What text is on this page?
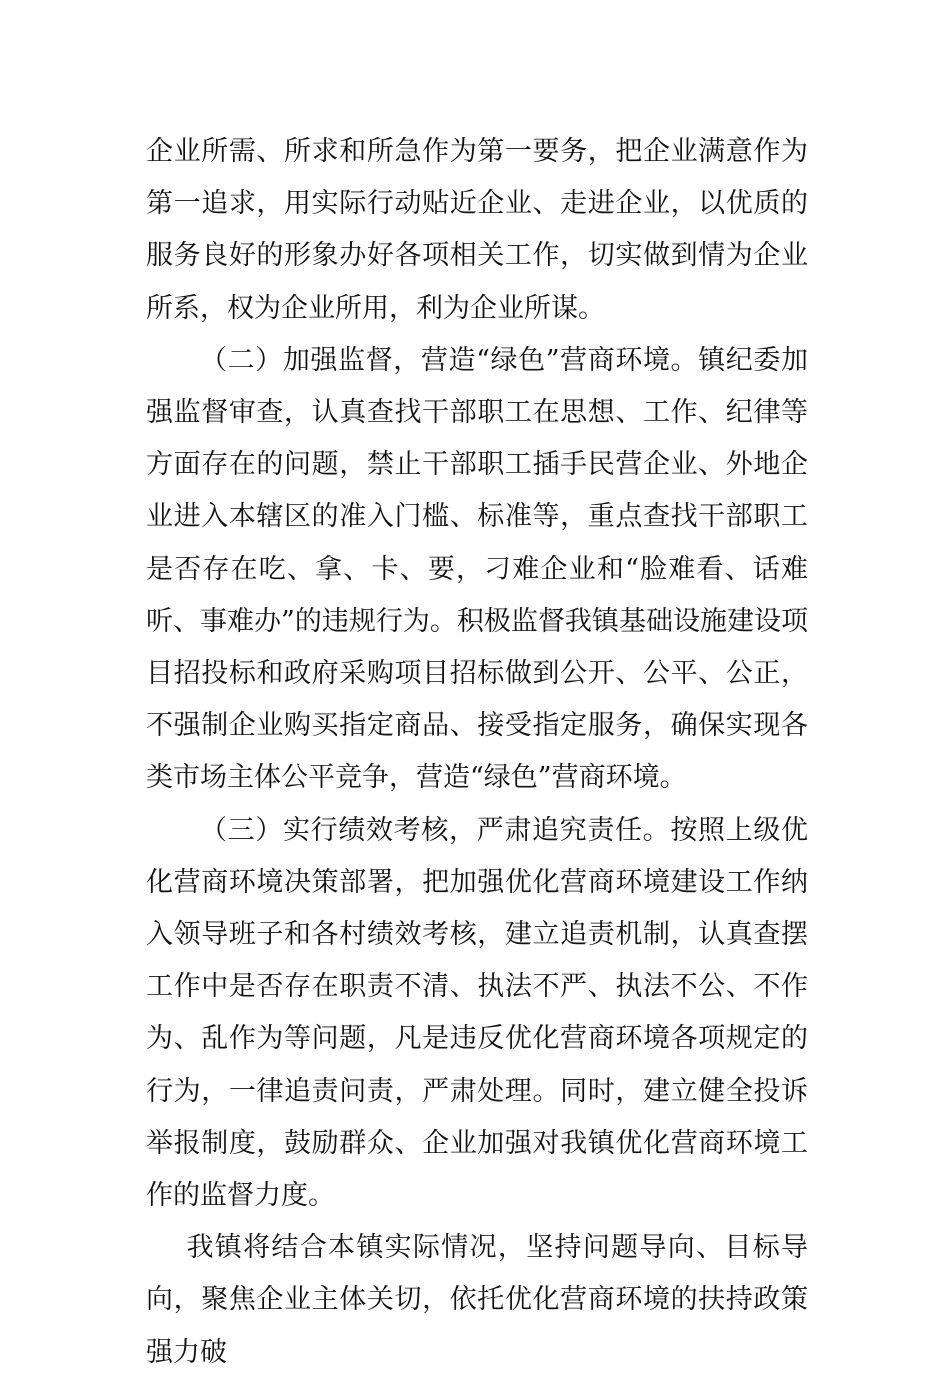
企业所需、所求和所急作为第一要务，把企业满意作为第一追求，用实际行动贴近企业、走进企业，以优质的服务良好的形象办好各项相关工作，切实做到情为企业所系，权为企业所用，利为企业所谋。

（二）加强监督，营造“绿色”营商环境。镇纪委加强监督审查，认真查找干部职工在思想、工作、纪律等方面存在的问题，禁止干部职工插手民营企业、外地企业进入本辖区的准入门槛、标准等，重点查找干部职工是否存在吃、拿、卡、要，刁难企业和“脸难看、话难听、事难办”的违规行为。积极监督我镇基础设施建设项目招投标和政府采购项目招标做到公开、公平、公正，不强制企业购买指定商品、接受指定服务，确保实现各类市场主体公平竞争，营造“绿色”营商环境。

（三）实行绩效考核，严肃追究责任。按照上级优化营商环境决策部署，把加强优化营商环境建设工作纳入领导班子和各村绩效考核，建立追责机制，认真查摆工作中是否存在职责不清、执法不严、执法不公、不作为、乱作为等问题，凡是违反优化营商环境各项规定的行为，一律追责问责，严肃处理。同时，建立健全投诉举报制度，鼓励群众、企业加强对我镇优化营商环境工作的监督力度。

我镇将结合本镇实际情况，坚持问题导向、目标导向，聚焦企业主体关切，依托优化营商环境的扶持政策强力破
